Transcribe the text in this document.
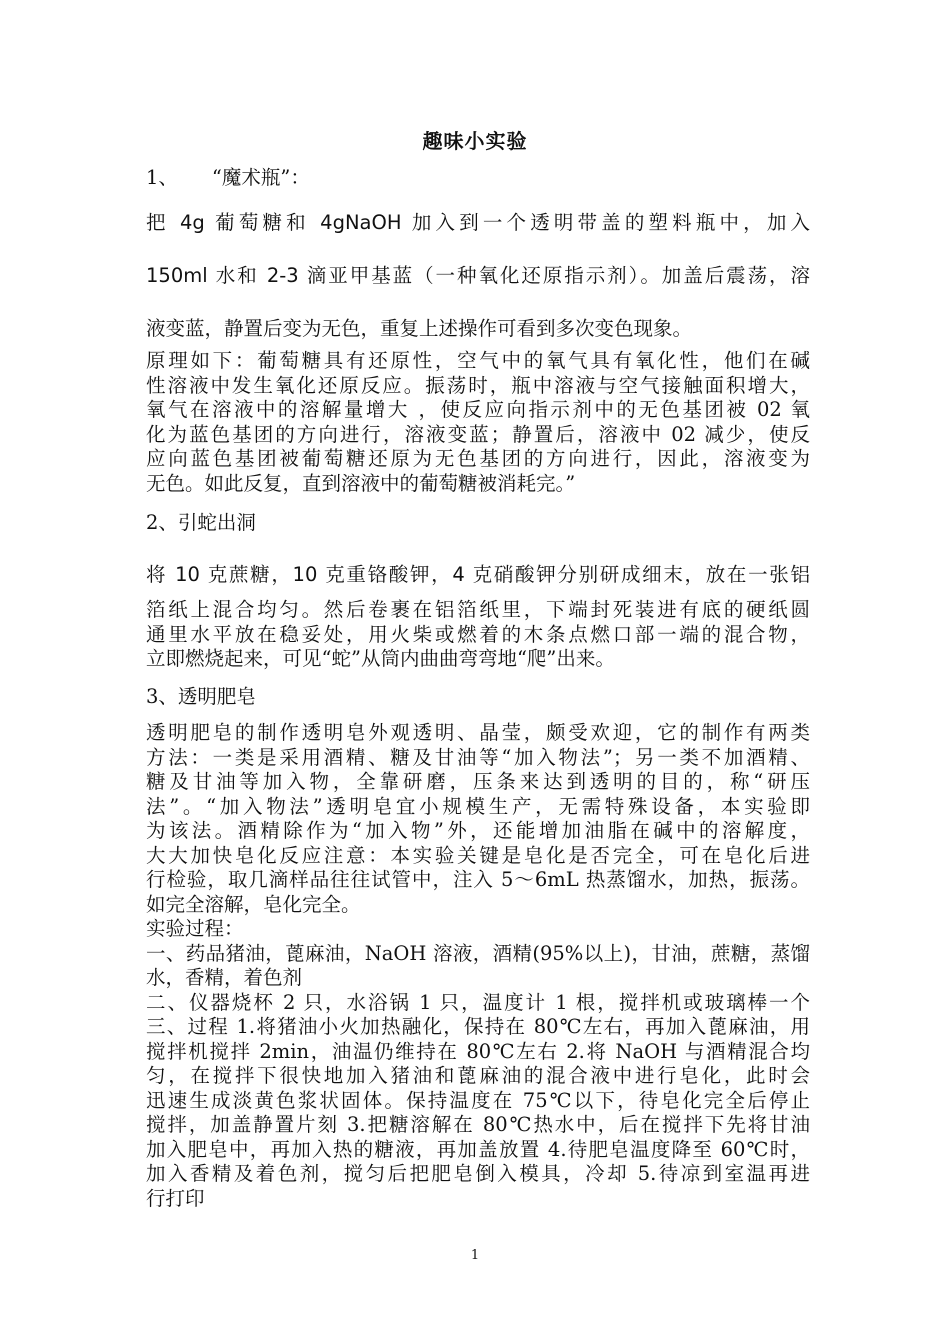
趣味小实验
1、 “魔术瓶”：
把 4g 葡萄糖和 4gNaOH 加入到一个透明带盖的塑料瓶中，加入
150ml 水和 2-3 滴亚甲基蓝（一种氧化还原指示剂）。加盖后震荡，溶
液变蓝，静置后变为无色，重复上述操作可看到多次变色现象。
原理如下：葡萄糖具有还原性，空气中的氧气具有氧化性，他们在碱
性溶液中发生氧化还原反应。振荡时，瓶中溶液与空气接触面积增大，
氧气在溶液中的溶解量增大 ，使反应向指示剂中的无色基团被 02 氧
化为蓝色基团的方向进行，溶液变蓝；静置后，溶液中 02 减少，使反
应向蓝色基团被葡萄糖还原为无色基团的方向进行，因此，溶液变为
无色。如此反复，直到溶液中的葡萄糖被消耗完。”
2、引蛇出洞
将 10 克蔗糖，10 克重铬酸钾，4 克硝酸钾分别研成细末，放在一张铝
箔纸上混合均匀。然后卷裹在铝箔纸里，下端封死装进有底的硬纸圆
通里水平放在稳妥处，用火柴或燃着的木条点燃口部一端的混合物，
立即燃烧起来，可见“蛇”从筒内曲曲弯弯地“爬”出来。
3、透明肥皂
透明肥皂的制作透明皂外观透明、晶莹，颇受欢迎，它的制作有两类
方法：一类是采用酒精、糖及甘油等“加入物法”；另一类不加酒精、
糖及甘油等加入物，全靠研磨，压条来达到透明的目的，称“研压
法”。“加入物法”透明皂宜小规模生产，无需特殊设备，本实验即
为该法。酒精除作为“加入物”外，还能增加油脂在碱中的溶解度，
大大加快皂化反应注意：本实验关键是皂化是否完全，可在皂化后进
行检验，取几滴样品往往试管中，注入 5～6mL 热蒸馏水，加热，振荡。
如完全溶解，皂化完全。
实验过程：
一、药品猪油，蓖麻油，NaOH 溶液，酒精(95%以上)，甘油，蔗糖，蒸馏
水，香精，着色剂
二、仪器烧杯 2 只，水浴锅 1 只，温度计 1 根，搅拌机或玻璃棒一个
三、过程 1.将猪油小火加热融化，保持在 80℃左右，再加入蓖麻油，用
搅拌机搅拌 2min，油温仍维持在 80℃左右 2.将 NaOH 与酒精混合均
匀，在搅拌下很快地加入猪油和蓖麻油的混合液中进行皂化，此时会
迅速生成淡黄色浆状固体。保持温度在 75℃以下，待皂化完全后停止
搅拌，加盖静置片刻 3.把糖溶解在 80℃热水中，后在搅拌下先将甘油
加入肥皂中，再加入热的糖液，再加盖放置 4.待肥皂温度降至 60℃时，
加入香精及着色剂，搅匀后把肥皂倒入模具，冷却 5.待凉到室温再进
行打印
1
